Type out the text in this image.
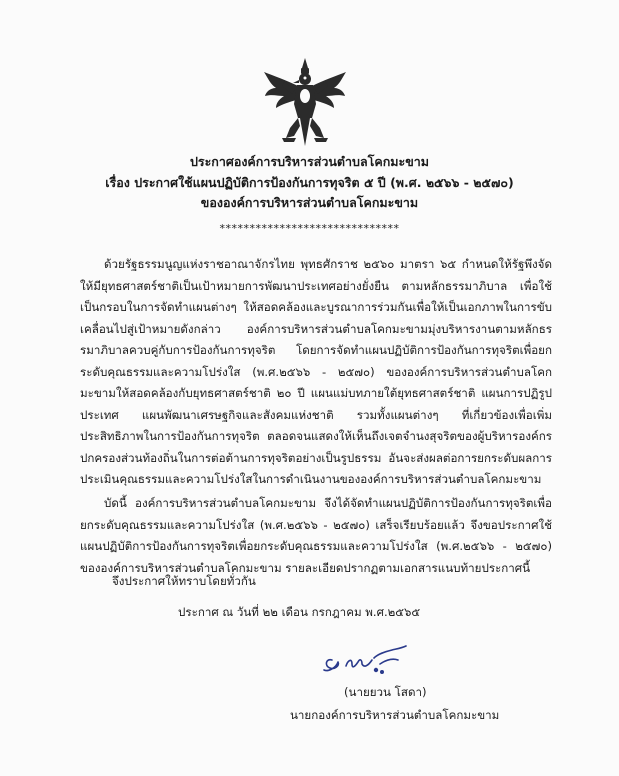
ประกาศองค์การบริหารส่วนตำบลโคกมะขาม
เรื่อง ประกาศใช้แผนปฏิบัติการป้องกันการทุจริต ๕ ปี (พ.ศ. ๒๕๖๖ - ๒๕๗๐)
ขององค์การบริหารส่วนตำบลโคกมะขาม
******************************
ด้วยรัฐธรรมนูญแห่งราชอาณาจักรไทย พุทธศักราช ๒๕๖๐ มาตรา ๖๕ กำหนดให้รัฐพึงจัดให้มียุทธศาสตร์ชาติเป็นเป้าหมายการพัฒนาประเทศอย่างยั่งยืน ตามหลักธรรมาภิบาล เพื่อใช้เป็นกรอบในการจัดทำแผนต่างๆ ให้สอดคล้องและบูรณาการร่วมกันเพื่อให้เป็นเอกภาพในการขับเคลื่อนไปสู่เป้าหมายดังกล่าว องค์การบริหารส่วนตำบลโคกมะขามมุ่งบริหารงานตามหลักธรรมาภิบาลควบคู่กับการป้องกันการทุจริต โดยการจัดทำแผนปฏิบัติการป้องกันการทุจริตเพื่อยกระดับคุณธรรมและความโปร่งใส (พ.ศ.๒๕๖๖ - ๒๕๗๐) ขององค์การบริหารส่วนตำบลโคกมะขามให้สอดคล้องกับยุทธศาสตร์ชาติ ๒๐ ปี แผนแม่บทภายใต้ยุทธศาสตร์ชาติ แผนการปฏิรูปประเทศ แผนพัฒนาเศรษฐกิจและสังคมแห่งชาติ รวมทั้งแผนต่างๆ ที่เกี่ยวข้องเพื่อเพิ่มประสิทธิภาพในการป้องกันการทุจริต ตลอดจนแสดงให้เห็นถึงเจตจำนงสุจริตของผู้บริหารองค์กรปกครองส่วนท้องถิ่นในการต่อต้านการทุจริตอย่างเป็นรูปธรรม อันจะส่งผลต่อการยกระดับผลการประเมินคุณธรรมและความโปร่งใสในการดำเนินงานขององค์การบริหารส่วนตำบลโคกมะขาม
บัดนี้ องค์การบริหารส่วนตำบลโคกมะขาม จึงได้จัดทำแผนปฏิบัติการป้องกันการทุจริตเพื่อยกระดับคุณธรรมและความโปร่งใส (พ.ศ.๒๕๖๖ - ๒๕๗๐) เสร็จเรียบร้อยแล้ว จึงขอประกาศใช้แผนปฏิบัติการป้องกันการทุจริตเพื่อยกระดับคุณธรรมและความโปร่งใส (พ.ศ.๒๕๖๖ - ๒๕๗๐) ขององค์การบริหารส่วนตำบลโคกมะขาม รายละเอียดปรากฏตามเอกสารแนบท้ายประกาศนี้
จึงประกาศให้ทราบโดยทั่วกัน
ประกาศ ณ วันที่ ๒๒ เดือน กรกฎาคม พ.ศ.๒๕๖๕
(นายยวน โสดา)
นายกองค์การบริหารส่วนตำบลโคกมะขาม
